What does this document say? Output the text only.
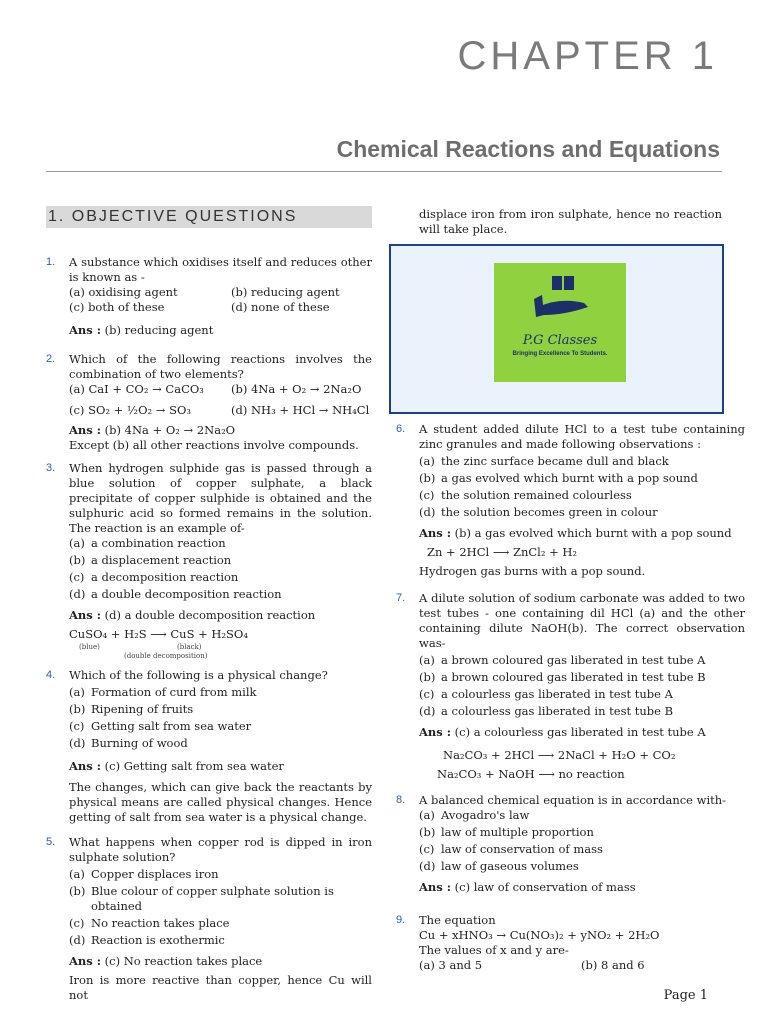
CHAPTER 1
Chemical Reactions and Equations
1. OBJECTIVE QUESTIONS
1. A substance which oxidises itself and reduces other is known as -
(a) oxidising agent	(b) reducing agent
(c) both of these	(d) none of these
Ans : (b) reducing agent
2. Which of the following reactions involves the combination of two elements?
(a) CaI + CO₂ → CaCO₃	(b) 4Na + O₂ → 2Na₂O
(c) SO₂ + ½O₂ → SO₃	(d) NH₃ + HCl → NH₄Cl
Ans : (b) 4Na + O₂ → 2Na₂O
Except (b) all other reactions involve compounds.
3. When hydrogen sulphide gas is passed through a blue solution of copper sulphate, a black precipitate of copper sulphide is obtained and the sulphuric acid so formed remains in the solution. The reaction is an example of-
(a) a combination reaction
(b) a displacement reaction
(c) a decomposition reaction
(d) a double decomposition reaction
Ans : (d) a double decomposition reaction
CuSO₄ + H₂S ⟶ CuS + H₂SO₄
(blue)	(black)
(double decomposition)
4. Which of the following is a physical change?
(a) Formation of curd from milk
(b) Ripening of fruits
(c) Getting salt from sea water
(d) Burning of wood
Ans : (c) Getting salt from sea water
The changes, which can give back the reactants by physical means are called physical changes. Hence getting of salt from sea water is a physical change.
5. What happens when copper rod is dipped in iron sulphate solution?
(a) Copper displaces iron
(b) Blue colour of copper sulphate solution is obtained
(c) No reaction takes place
(d) Reaction is exothermic
Ans : (c) No reaction takes place
Iron is more reactive than copper, hence Cu will not
P.G Classes
Bringing Excellence To Students.
displace iron from iron sulphate, hence no reaction will take place.
6. A student added dilute HCl to a test tube containing zinc granules and made following observations :
(a) the zinc surface became dull and black
(b) a gas evolved which burnt with a pop sound
(c) the solution remained colourless
(d) the solution becomes green in colour
Ans : (b) a gas evolved which burnt with a pop sound
Zn + 2HCl ⟶ ZnCl₂ + H₂
Hydrogen gas burns with a pop sound.
7. A dilute solution of sodium carbonate was added to two test tubes - one containing dil HCl (a) and the other containing dilute NaOH(b). The correct observation was-
(a) a brown coloured gas liberated in test tube A
(b) a brown coloured gas liberated in test tube B
(c) a colourless gas liberated in test tube A
(d) a colourless gas liberated in test tube B
Ans : (c) a colourless gas liberated in test tube A
Na₂CO₃ + 2HCl ⟶ 2NaCl + H₂O + CO₂
Na₂CO₃ + NaOH ⟶ no reaction
8. A balanced chemical equation is in accordance with-
(a) Avogadro's law
(b) law of multiple proportion
(c) law of conservation of mass
(d) law of gaseous volumes
Ans : (c) law of conservation of mass
9. The equation
Cu + xHNO₃ → Cu(NO₃)₂ + yNO₂ + 2H₂O
The values of x and y are-
(a) 3 and 5	(b) 8 and 6
Page 1
